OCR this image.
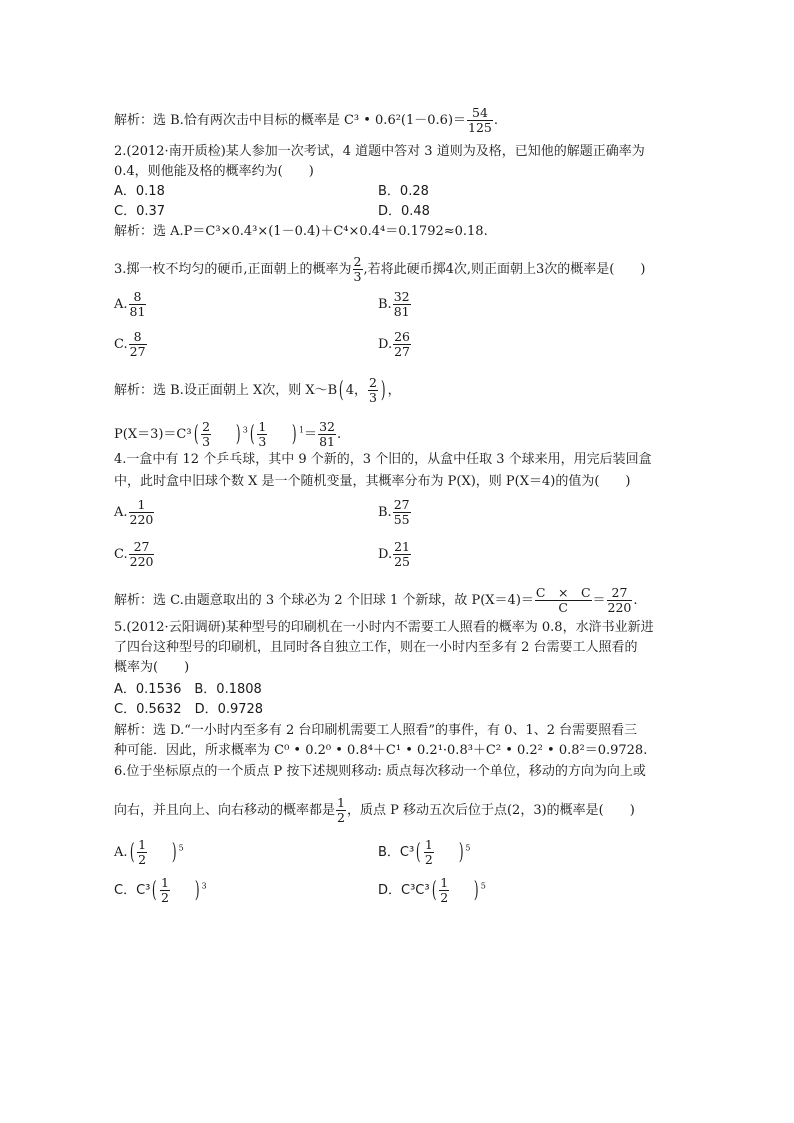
解析：选 B.恰有两次击中目标的概率是 C³ • $0.6^2(1-0.6)= \frac{54}{125}$ .
2.(2012·南开质检)某人参加一次考试，4 道题中答对 3 道则为及格，已知他的解题正确率为
0.4，则他能及格的概率约为(　　)
A．0.18	B．0.28
C．0.37	D．0.48
解析：选 A.P＝C³×0.4³×(1－0.4)＋C⁴×0.4⁴＝0.1792≈0.18.
3.掷一枚不均匀的硬币,正面朝上的概率为 $\frac{2}{3}$ ,若将此硬币掷4次,则正面朝上3次的概率是(　　)
A. $\frac{8}{81}$	B. $\frac{32}{81}$
C. $\frac{8}{27}$	D. $\frac{26}{27}$
解析：选 B.设正面朝上 X次，则 X～B( 4， $\frac{2}{3}$ ) ，
$P(X=3)=C^3( \frac{2}{3}$ ) $^3( \frac{1}{3}$ ) $^1= \frac{32}{81}$ .
4.一盒中有 12 个乒乓球，其中 9 个新的，3 个旧的，从盒中任取 3 个球来用，用完后装回盒
中，此时盒中旧球个数 X 是一个随机变量，其概率分布为 P(X)，则 P(X＝4)的值为(　　)
A. $\frac{1}{220}$	B. $\frac{27}{55}$
C. $\frac{27}{220}$	D. $\frac{21}{25}$
解析：选 C.由题意取出的 3 个球必为 2 个旧球 1 个新球，故 $P(X=4)= \frac{C \times C}{C} = \frac{27}{220}$ .
5.(2012·云阳调研)某种型号的印刷机在一小时内不需要工人照看的概率为 0.8，水浒书业新进
了四台这种型号的印刷机，且同时各自独立工作，则在一小时内至多有 2 台需要工人照看的
概率为(　　)
A．0.1536　B．0.1808
C．0.5632　D．0.9728
解析：选 D.“一小时内至多有 2 台印刷机需要工人照看”的事件，有 0、1、2 台需要照看三
种可能．因此，所求概率为 C⁰ • 0.2⁰ • 0.8⁴＋C¹ • 0.2¹·0.8³＋C² • 0.2² • 0.8²＝0.9728.
6.位于坐标原点的一个质点 P 按下述规则移动: 质点每次移动一个单位，移动的方向为向上或
向右，并且向上、向右移动的概率都是 $\frac{1}{2}$ ，质点 P 移动五次后位于点(2，3)的概率是(　　)
$A.( \frac{1}{2}$ ) $^5$	B．$C^3( \frac{1}{2}$ ) $^5$
C．$C^3( \frac{1}{2}$ ) $^3$	D．$C^3C^3( \frac{1}{2}$ ) $^5$
